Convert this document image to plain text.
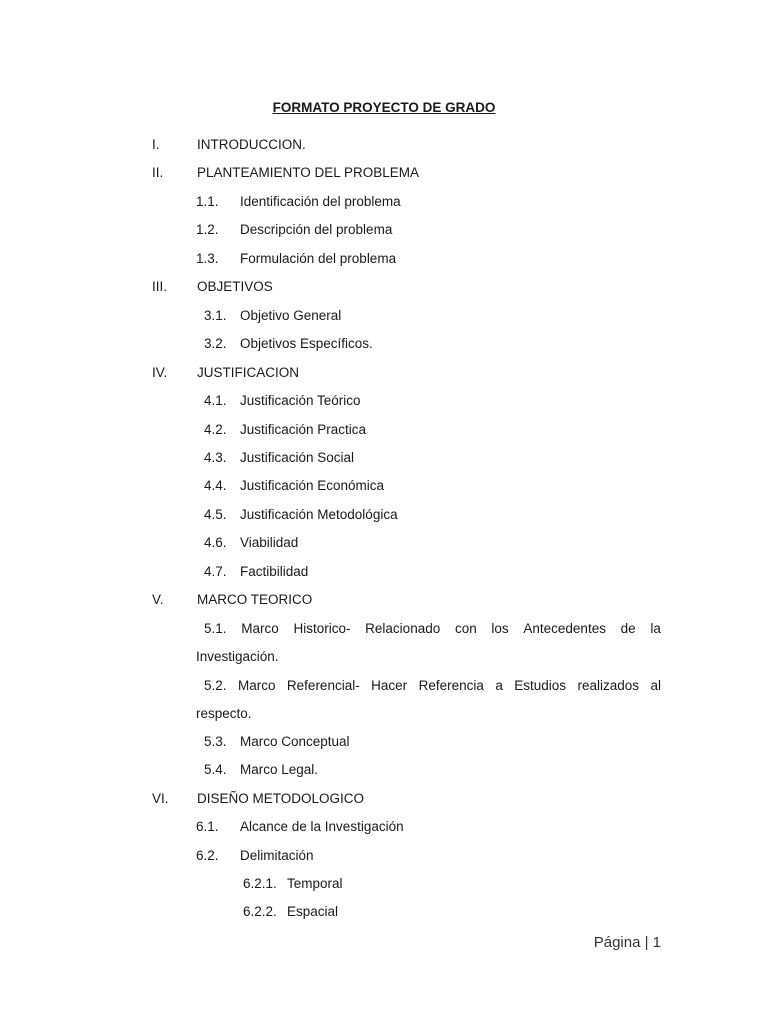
FORMATO PROYECTO DE GRADO
I.	INTRODUCCION.
II. PLANTEAMIENTO DEL PROBLEMA
1.1. Identificación del problema
1.2. Descripción del problema
1.3. Formulación del problema
III. OBJETIVOS
3.1. Objetivo General
3.2. Objetivos Específicos.
IV. JUSTIFICACION
4.1. Justificación Teórico
4.2. Justificación Practica
4.3. Justificación Social
4.4. Justificación Económica
4.5. Justificación Metodológica
4.6. Viabilidad
4.7. Factibilidad
V. MARCO TEORICO
5.1. Marco Historico- Relacionado con los Antecedentes de la
Investigación.
5.2. Marco Referencial- Hacer Referencia a Estudios realizados al
respecto.
5.3. Marco Conceptual
5.4. Marco Legal.
VI. DISEÑO METODOLOGICO
6.1. Alcance de la Investigación
6.2. Delimitación
6.2.1. Temporal
6.2.2. Espacial
Página | 1
